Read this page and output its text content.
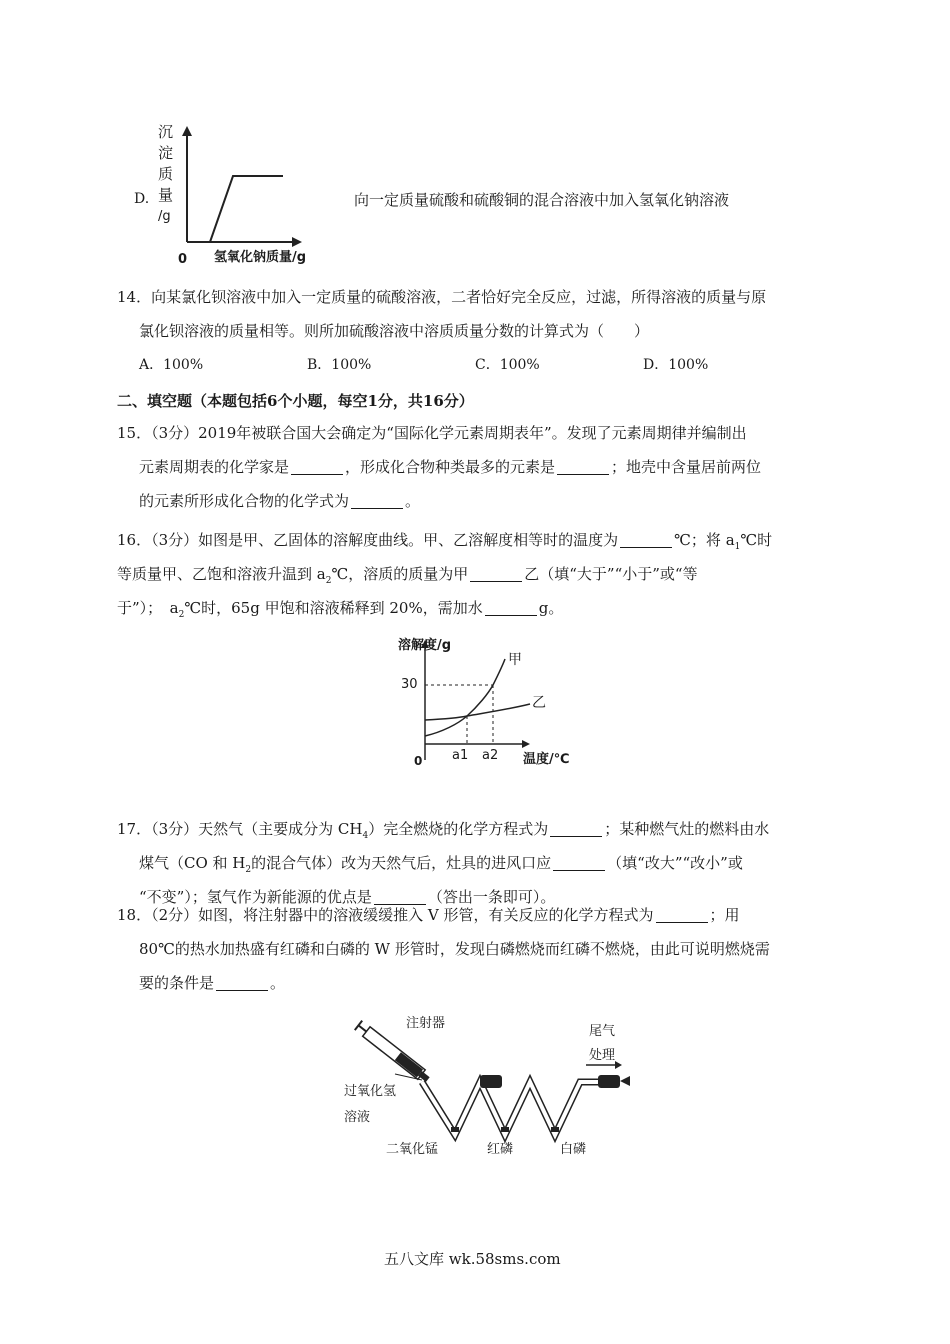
沉
淀
质
量
/g
D.
0 氢氧化钠质量/g
向一定质量硫酸和硫酸铜的混合溶液中加入氢氧化钠溶液
14．向某氯化钡溶液中加入一定质量的硫酸溶液，二者恰好完全反应，过滤，所得溶液的质量与原
氯化钡溶液的质量相等。则所加硫酸溶液中溶质质量分数的计算式为（　　）
A．100%	B．100%	C．100%	D．100%
二、填空题（本题包括6个小题，每空1分，共16分）
15．（3分）2019年被联合国大会确定为“国际化学元素周期表年”。发现了元素周期律并编制出
元素周期表的化学家是	，形成化合物种类最多的元素是	；地壳中含量居前两位
的元素所形成化合物的化学式为	。
16．（3分）如图是甲、乙固体的溶解度曲线。甲、乙溶解度相等时的温度为	℃；将 $a_1℃$时
等质量甲、乙饱和溶液升温到 $a_2℃$，溶质的质量为甲	乙（填“大于”“小于”或“等
于”）；　$a_2℃$时，65g 甲饱和溶液稀释到 20%，需加水	g。
溶解度/g
甲
乙
30
0 a1 a2 温度/℃
17．（3分）天然气（主要成分为 $CH_4$）完全燃烧的化学方程式为	；某种燃气灶的燃料由水
煤气（CO 和 $H_2$的混合气体）改为天然气后，灶具的进风口应	（填“改大”“改小”或
“不变”）；氢气作为新能源的优点是	（答出一条即可）。
18．（2分）如图，将注射器中的溶液缓缓推入 V 形管，有关反应的化学方程式为	；用
80℃的热水加热盛有红磷和白磷的 W 形管时，发现白磷燃烧而红磷不燃烧，由此可说明燃烧需
要的条件是	。
注射器
过氧化氢
溶液
二氧化锰	红磷	白磷
尾气
处理
五八文库 wk.58sms.com
